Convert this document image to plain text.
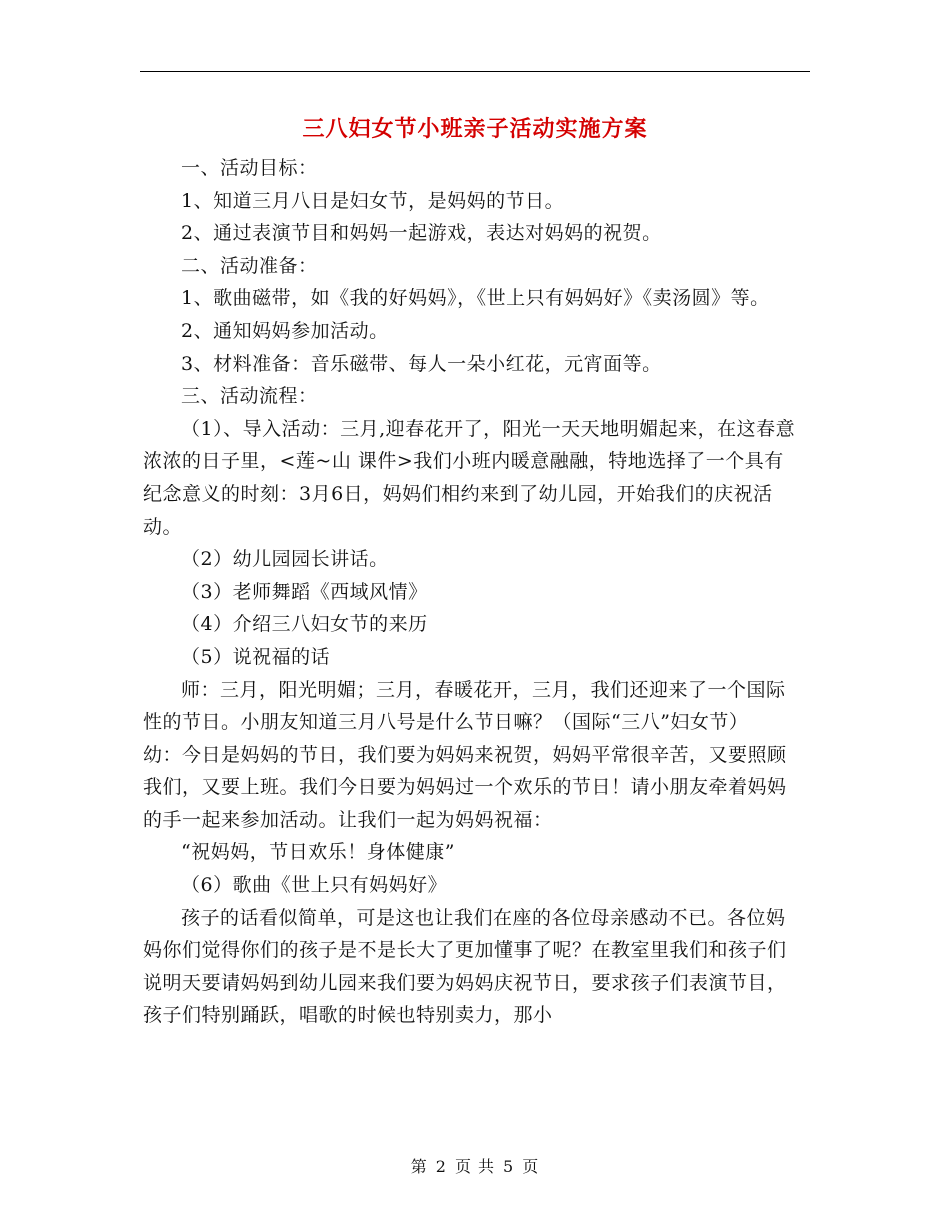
三八妇女节小班亲子活动实施方案

一、活动目标：

1、知道三月八日是妇女节，是妈妈的节日。

2、通过表演节目和妈妈一起游戏，表达对妈妈的祝贺。

二、活动准备：

1、歌曲磁带，如《我的好妈妈》，《世上只有妈妈好》《卖汤圆》等。

2、通知妈妈参加活动。

3、材料准备：音乐磁带、每人一朵小红花，元宵面等。

三、活动流程：

（1）、导入活动：三月,迎春花开了，阳光一天天地明媚起来，在这春意浓浓的日子里，<莲~山 课件>我们小班内暖意融融，特地选择了一个具有纪念意义的时刻：3月6日，妈妈们相约来到了幼儿园，开始我们的庆祝活动。

（2）幼儿园园长讲话。

（3）老师舞蹈《西域风情》

（4）介绍三八妇女节的来历

（5）说祝福的话

师：三月，阳光明媚；三月，春暖花开，三月，我们还迎来了一个国际性的节日。小朋友知道三月八号是什么节日嘛？（国际“三八”妇女节）　　幼：今日是妈妈的节日，我们要为妈妈来祝贺，妈妈平常很辛苦，又要照顾我们，又要上班。我们今日要为妈妈过一个欢乐的节日！请小朋友牵着妈妈的手一起来参加活动。让我们一起为妈妈祝福：

“祝妈妈，节日欢乐！身体健康”

（6）歌曲《世上只有妈妈好》

孩子的话看似简单，可是这也让我们在座的各位母亲感动不已。各位妈妈你们觉得你们的孩子是不是长大了更加懂事了呢？在教室里我们和孩子们说明天要请妈妈到幼儿园来我们要为妈妈庆祝节日，要求孩子们表演节目，孩子们特别踊跃，唱歌的时候也特别卖力，那小

第 2 页 共 5 页
